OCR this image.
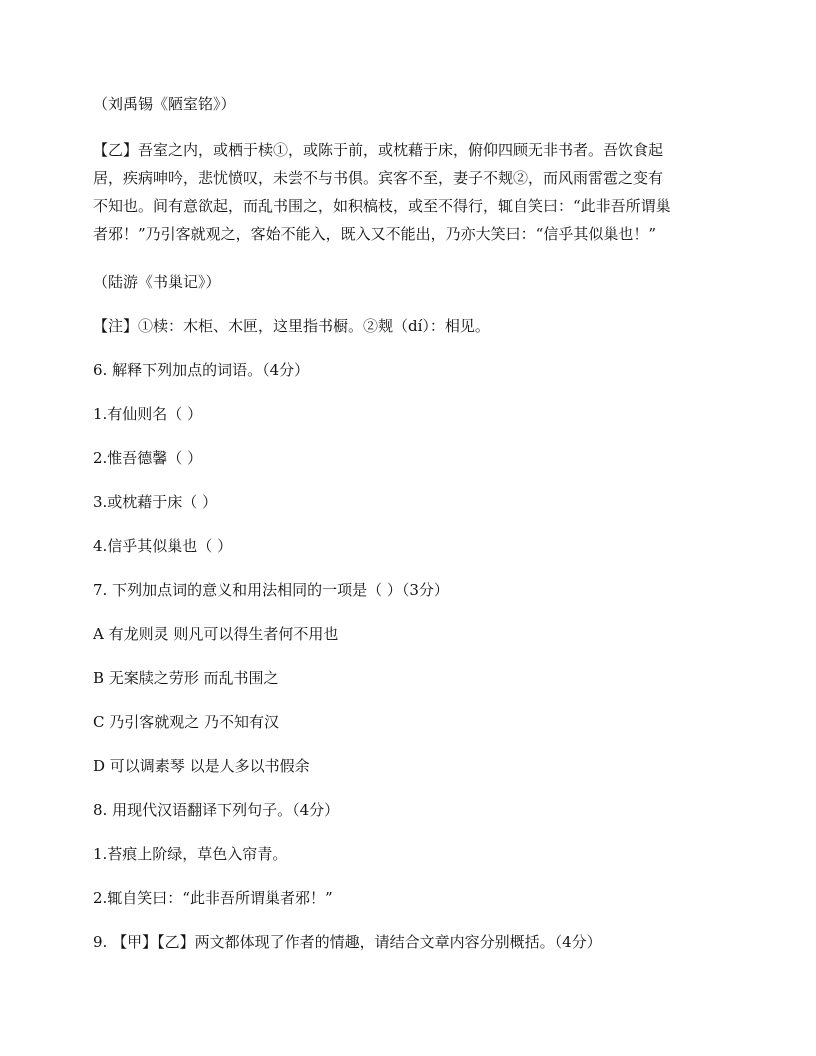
（刘禹锡《陋室铭》）
【乙】吾室之内，或栖于椟①，或陈于前，或枕藉于床，俯仰四顾无非书者。吾饮食起
居，疾病呻吟，悲忧愤叹，未尝不与书俱。宾客不至，妻子不觌②，而风雨雷雹之变有
不知也。间有意欲起，而乱书围之，如积槁枝，或至不得行，辄自笑曰：“此非吾所谓巢
者邪！”乃引客就观之，客始不能入，既入又不能出，乃亦大笑曰：“信乎其似巢也！”
（陆游《书巢记》）
【注】①椟：木柜、木匣，这里指书橱。②觌（dí）：相见。
6. 解释下列加点的词语。（4分）
1.有仙则名（ ）
2.惟吾德馨（ ）
3.或枕藉于床（ ）
4.信乎其似巢也（ ）
7. 下列加点词的意义和用法相同的一项是（ ）（3分）
A 有龙则灵 则凡可以得生者何不用也
B 无案牍之劳形 而乱书围之
C 乃引客就观之 乃不知有汉
D 可以调素琴 以是人多以书假余
8. 用现代汉语翻译下列句子。（4分）
1.苔痕上阶绿，草色入帘青。
2.辄自笑曰：“此非吾所谓巢者邪！”
9. 【甲】【乙】两文都体现了作者的情趣，请结合文章内容分别概括。（4分）
